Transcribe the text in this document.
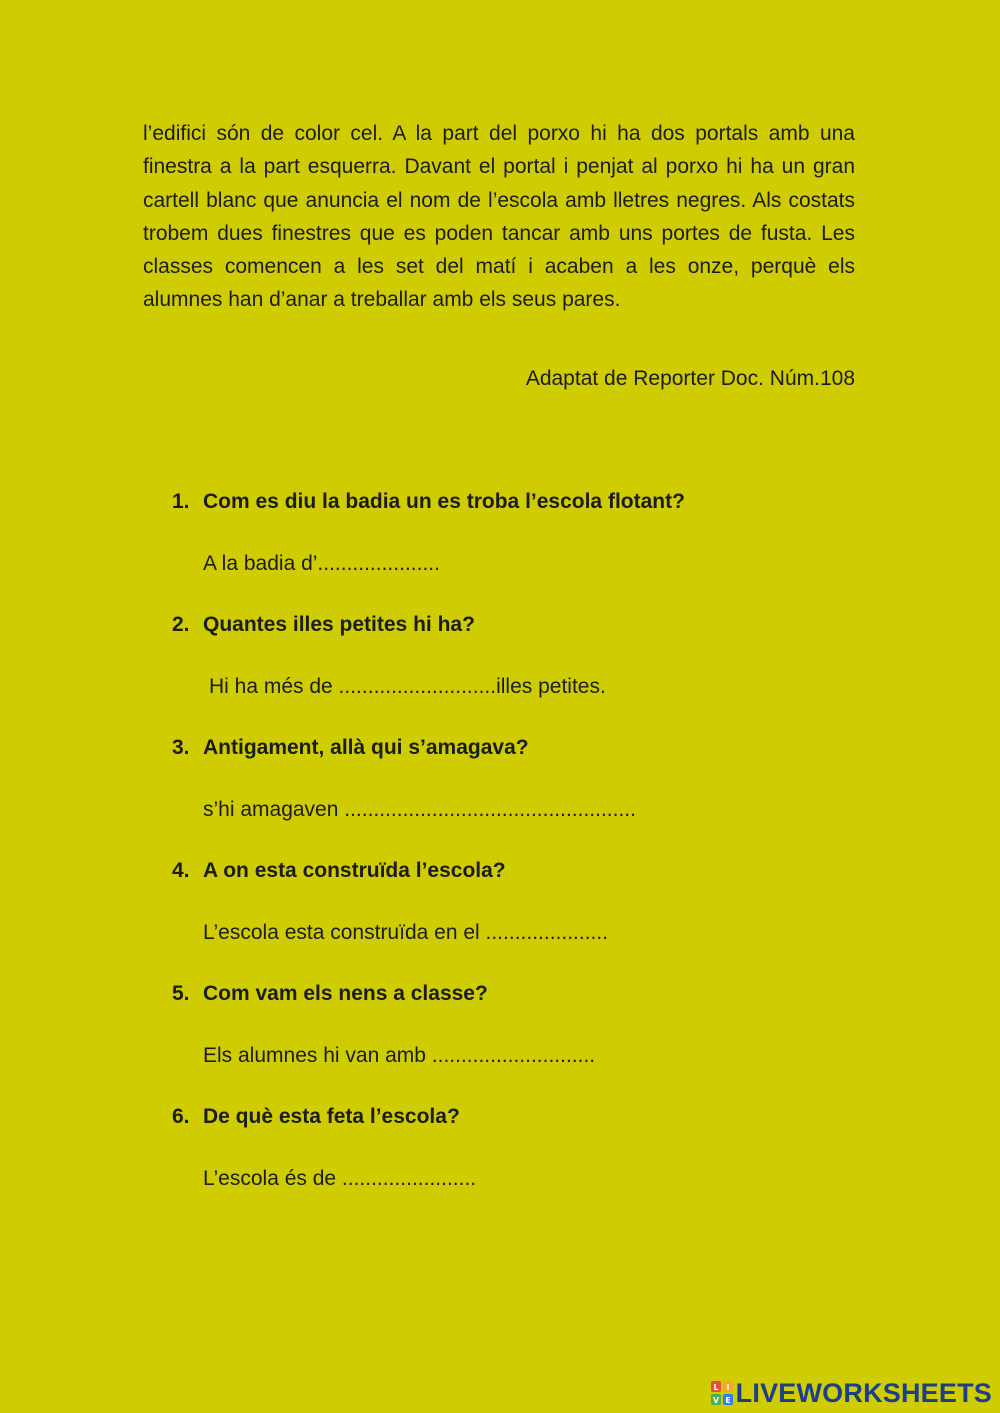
l’edifici són de color cel. A la part del porxo hi ha dos portals amb una finestra a la part esquerra. Davant el portal i penjat al porxo hi ha un gran cartell blanc que anuncia el nom de l’escola amb lletres negres. Als costats trobem dues finestres que es poden tancar amb uns portes de fusta. Les classes comencen a les set del matí i acaben a les onze, perquè els alumnes han d’anar a treballar amb els seus pares.

Adaptat de Reporter Doc. Núm.108

1. Com es diu la badia un es troba l’escola flotant?
A la badia d’.....................
2. Quantes illes petites hi ha?
Hi ha més de ...........................illes petites.
3. Antigament, allà qui s’amagava?
s’hi amagaven ..................................................
4. A on esta construïda l’escola?
L’escola esta construïda en el .....................
5. Com vam els nens a classe?
Els alumnes hi van amb ............................
6. De què esta feta l’escola?
L’escola és de .......................
L I
V E LIVEWORKSHEETS
